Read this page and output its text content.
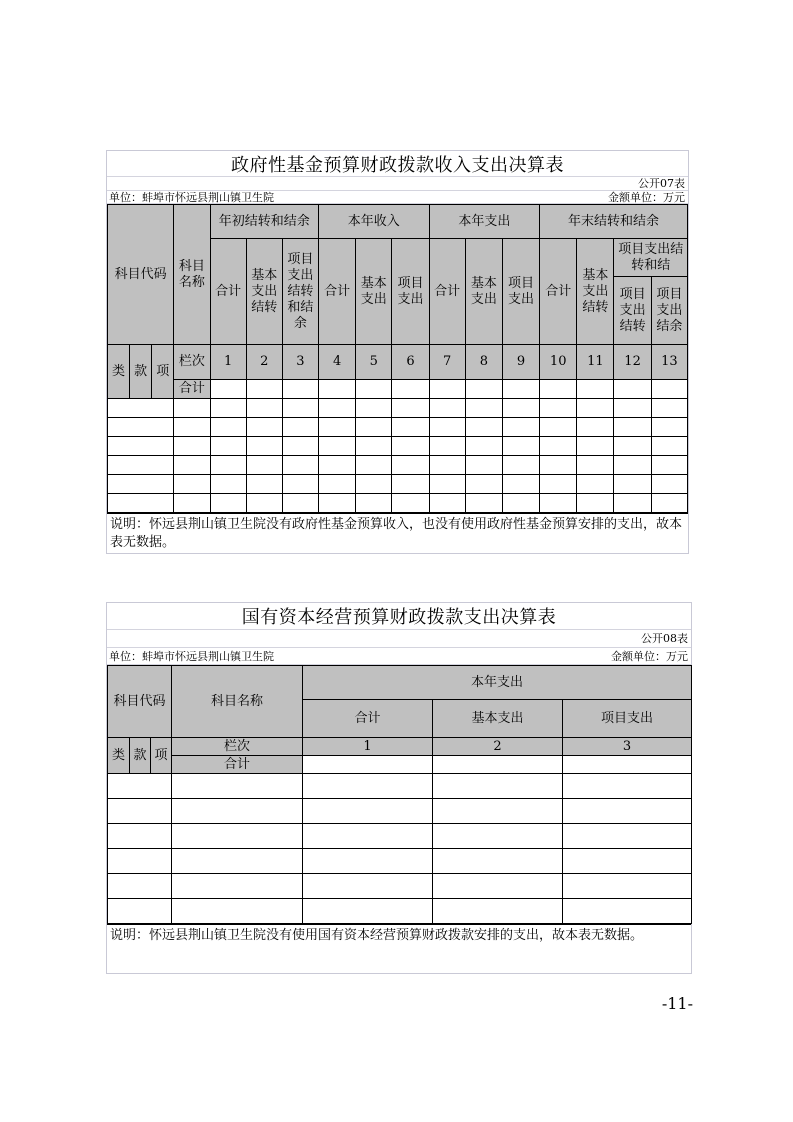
政府性基金预算财政拨款收入支出决算表
公开07表
单位：蚌埠市怀远县荆山镇卫生院	金额单位：万元
科目代码			科目名称	年初结转和结余			本年收入			本年支出			年末结转和结余			
				合计	基本支出结转	项目支出结转和结余	合计	基本支出	项目支出	合计	基本支出	项目支出	合计	基本支出结转	项目支出结转和结	
															项目支出结转	项目支出结余
类	款	项	栏次	1	2	3	4	5	6	7	8	9	10	11	12	13
			合计													

说明：怀远县荆山镇卫生院没有政府性基金预算收入，也没有使用政府性基金预算安排的支出，故本表无数据。
国有资本经营预算财政拨款支出决算表
公开08表
单位：蚌埠市怀远县荆山镇卫生院	金额单位：万元
科目代码			科目名称	本年支出		
				合计	基本支出	项目支出
类	款	项	栏次	1	2	3
			合计			

说明：怀远县荆山镇卫生院没有使用国有资本经营预算财政拨款安排的支出，故本表无数据。
-11-
